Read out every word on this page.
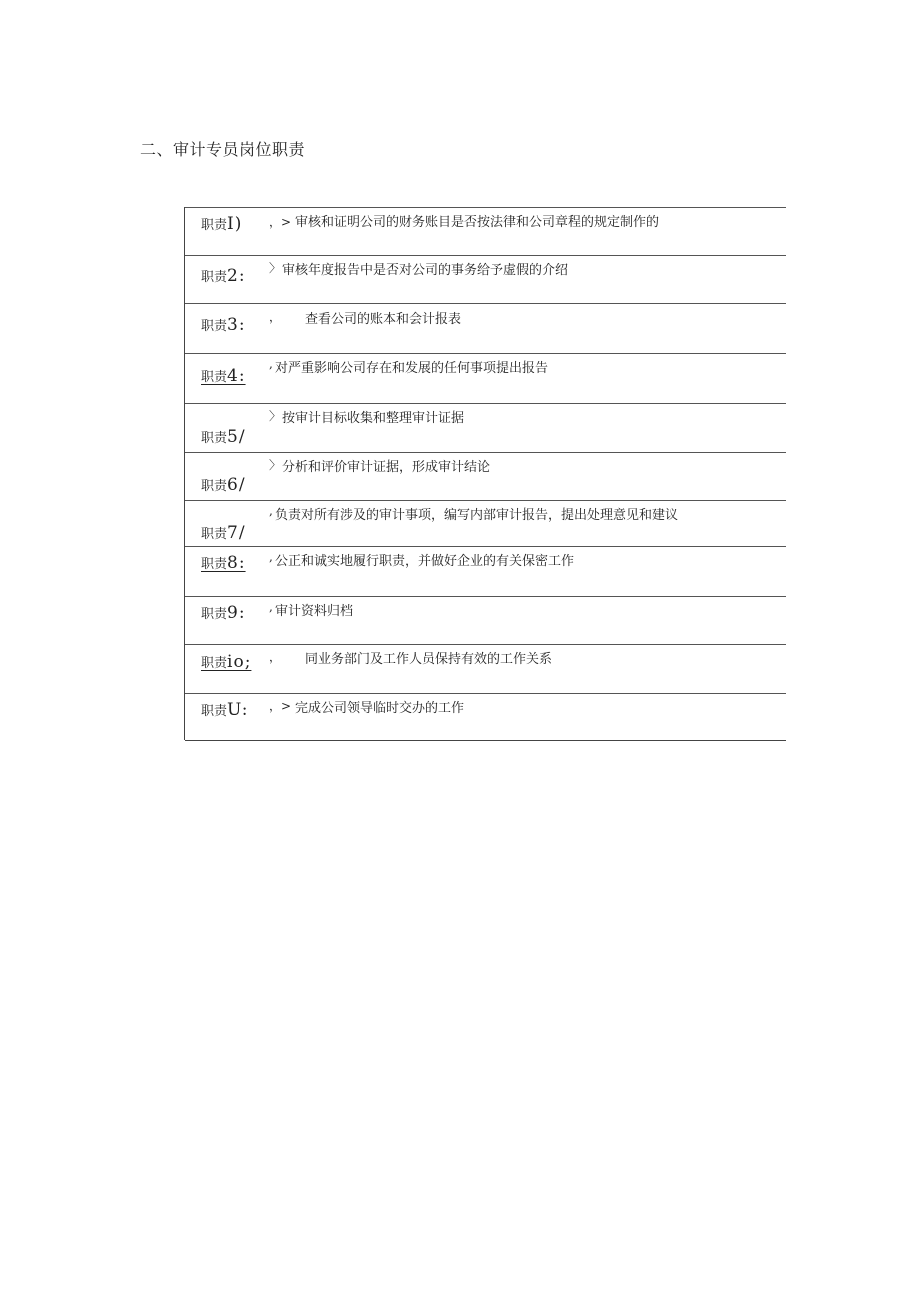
二、审计专员岗位职责
职责I) ，> 审核和证明公司的财务账目是否按法律和公司章程的规定制作的
职责2: 〉 审核年度报告中是否对公司的事务给予虚假的介绍
职责3: ， 查看公司的账本和会计报表
职责4:
, 对严重影响公司存在和发展的任何事项提出报告
职责5/
〉 按审计目标收集和整理审计证据
职责6/
〉 分析和评价审计证据，形成审计结论
职责7/
, 负责对所有涉及的审计事项，编写内部审计报告，提出处理意见和建议
职责8: , 公正和诚实地履行职责，并做好企业的有关保密工作
职责9: , 审计资料归档
职责io; ， 同业务部门及工作人员保持有效的工作关系
职责U: ，> 完成公司领导临时交办的工作
